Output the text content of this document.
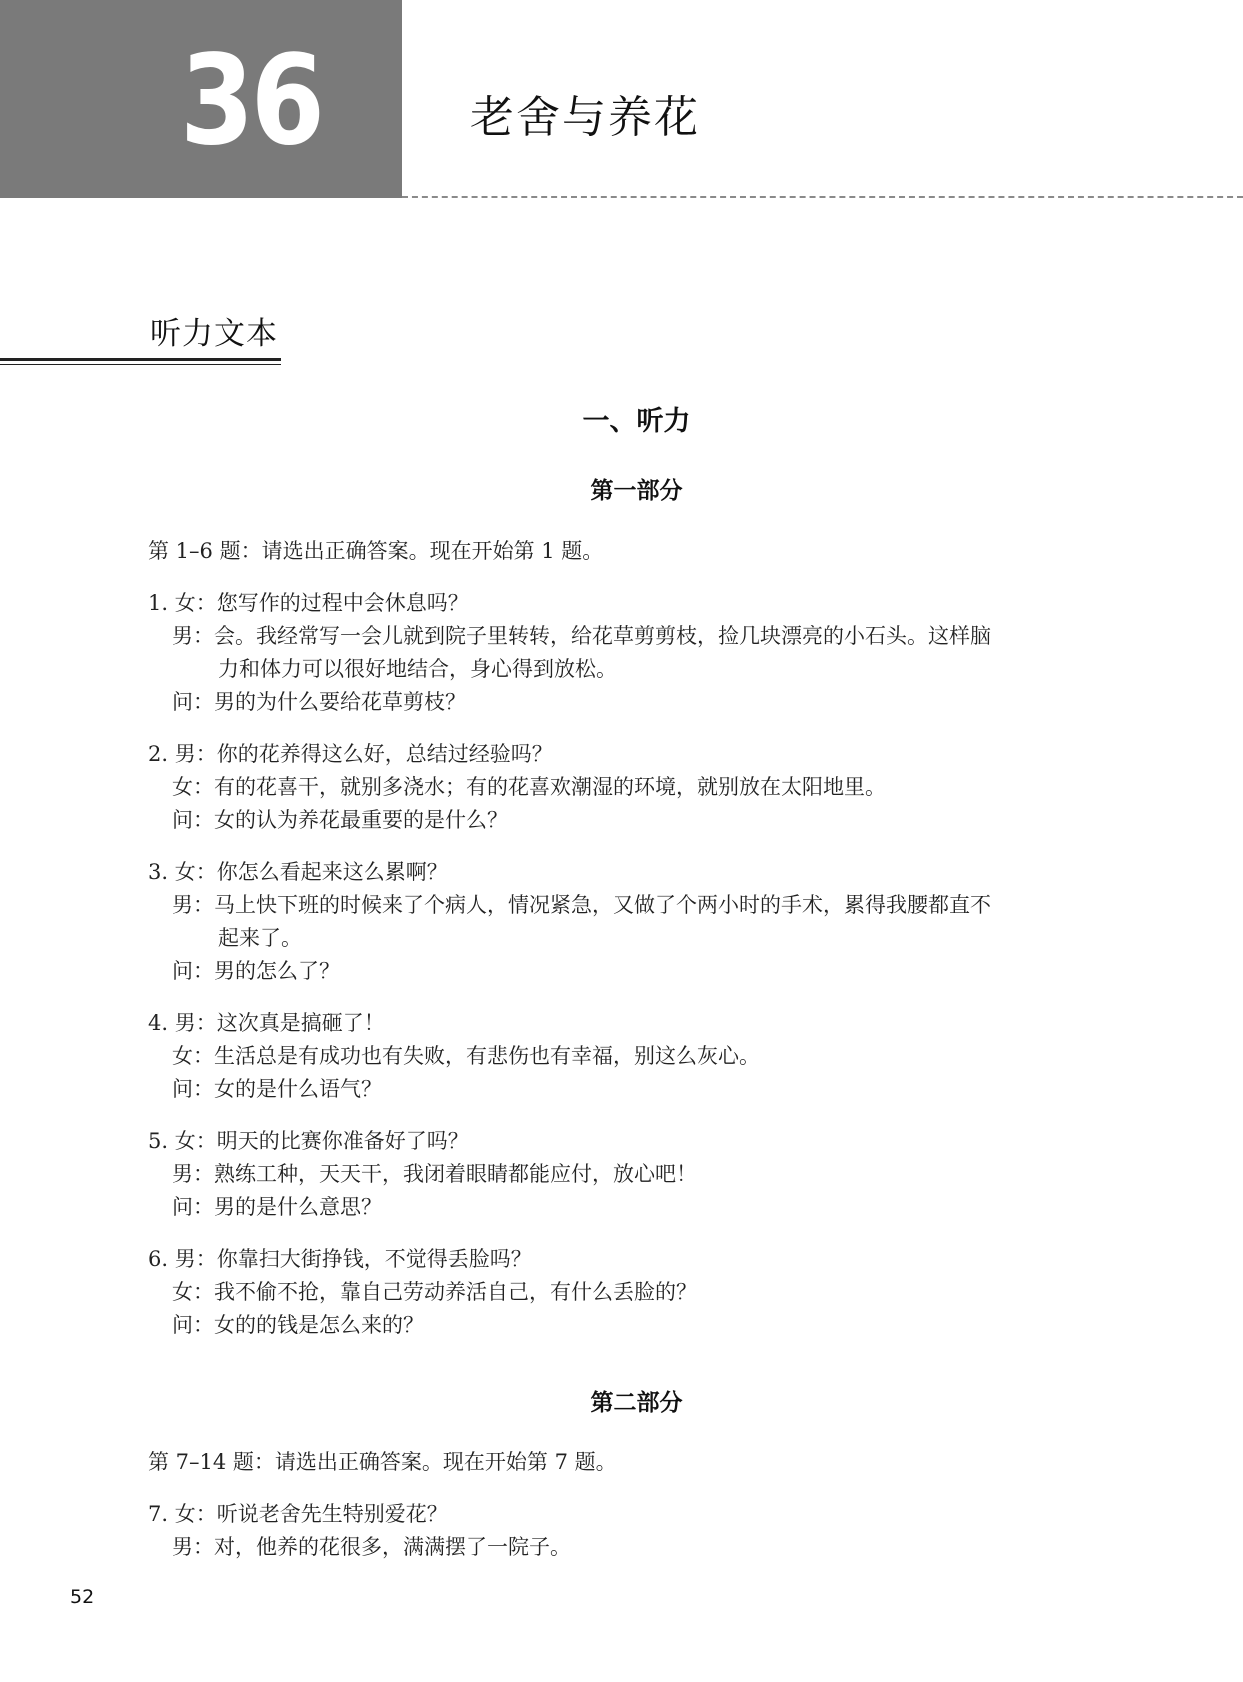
36	老舍与养花
听力文本
一、听力
第一部分
第 1–6 题：请选出正确答案。现在开始第 1 题。
1. 女：您写作的过程中会休息吗？
男：会。我经常写一会儿就到院子里转转，给花草剪剪枝，捡几块漂亮的小石头。这样脑
力和体力可以很好地结合，身心得到放松。
问：男的为什么要给花草剪枝？
2. 男：你的花养得这么好，总结过经验吗？
女：有的花喜干，就别多浇水；有的花喜欢潮湿的环境，就别放在太阳地里。
问：女的认为养花最重要的是什么？
3. 女：你怎么看起来这么累啊？
男：马上快下班的时候来了个病人，情况紧急，又做了个两小时的手术，累得我腰都直不
起来了。
问：男的怎么了？
4. 男：这次真是搞砸了！
女：生活总是有成功也有失败，有悲伤也有幸福，别这么灰心。
问：女的是什么语气？
5. 女：明天的比赛你准备好了吗？
男：熟练工种，天天干，我闭着眼睛都能应付，放心吧！
问：男的是什么意思？
6. 男：你靠扫大街挣钱，不觉得丢脸吗？
女：我不偷不抢，靠自己劳动养活自己，有什么丢脸的？
问：女的的钱是怎么来的？
第二部分
第 7–14 题：请选出正确答案。现在开始第 7 题。
7. 女：听说老舍先生特别爱花？
男：对，他养的花很多，满满摆了一院子。
52
